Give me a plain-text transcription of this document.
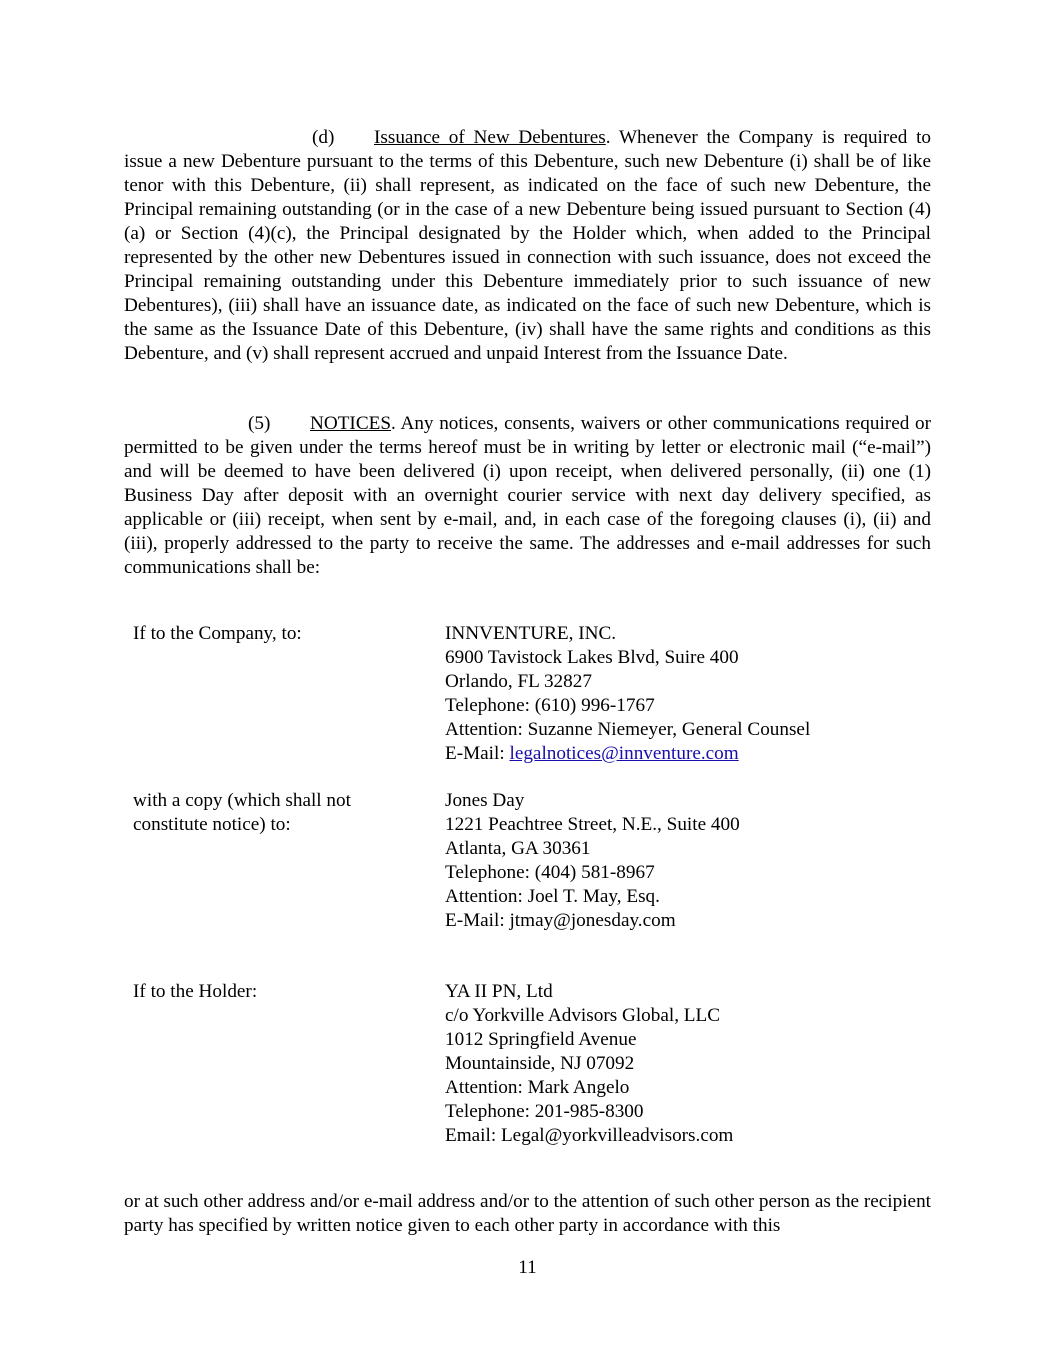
(d) Issuance of New Debentures. Whenever the Company is required to issue a new Debenture pursuant to the terms of this Debenture, such new Debenture (i) shall be of like tenor with this Debenture, (ii) shall represent, as indicated on the face of such new Debenture, the Principal remaining outstanding (or in the case of a new Debenture being issued pursuant to Section (4)(a) or Section (4)(c), the Principal designated by the Holder which, when added to the Principal represented by the other new Debentures issued in connection with such issuance, does not exceed the Principal remaining outstanding under this Debenture immediately prior to such issuance of new Debentures), (iii) shall have an issuance date, as indicated on the face of such new Debenture, which is the same as the Issuance Date of this Debenture, (iv) shall have the same rights and conditions as this Debenture, and (v) shall represent accrued and unpaid Interest from the Issuance Date.

(5) NOTICES. Any notices, consents, waivers or other communications required or permitted to be given under the terms hereof must be in writing by letter or electronic mail (“e-mail”) and will be deemed to have been delivered (i) upon receipt, when delivered personally, (ii) one (1) Business Day after deposit with an overnight courier service with next day delivery specified, as applicable or (iii) receipt, when sent by e-mail, and, in each case of the foregoing clauses (i), (ii) and (iii), properly addressed to the party to receive the same. The addresses and e-mail addresses for such communications shall be:

If to the Company, to:	INNVENTURE, INC.
6900 Tavistock Lakes Blvd, Suire 400
Orlando, FL 32827
Telephone: (610) 996-1767
Attention: Suzanne Niemeyer, General Counsel
E-Mail: legalnotices@innventure.com
with a copy (which shall not
constitute notice) to:
Jones Day
1221 Peachtree Street, N.E., Suite 400
Atlanta, GA 30361
Telephone: (404) 581-8967
Attention: Joel T. May, Esq.
E-Mail: jtmay@jonesday.com
If to the Holder:	YA II PN, Ltd
c/o Yorkville Advisors Global, LLC
1012 Springfield Avenue
Mountainside, NJ 07092
Attention: Mark Angelo
Telephone: 201-985-8300
Email: Legal@yorkvilleadvisors.com

or at such other address and/or e-mail address and/or to the attention of such other person as the recipient party has specified by written notice given to each other party in accordance with this

11
